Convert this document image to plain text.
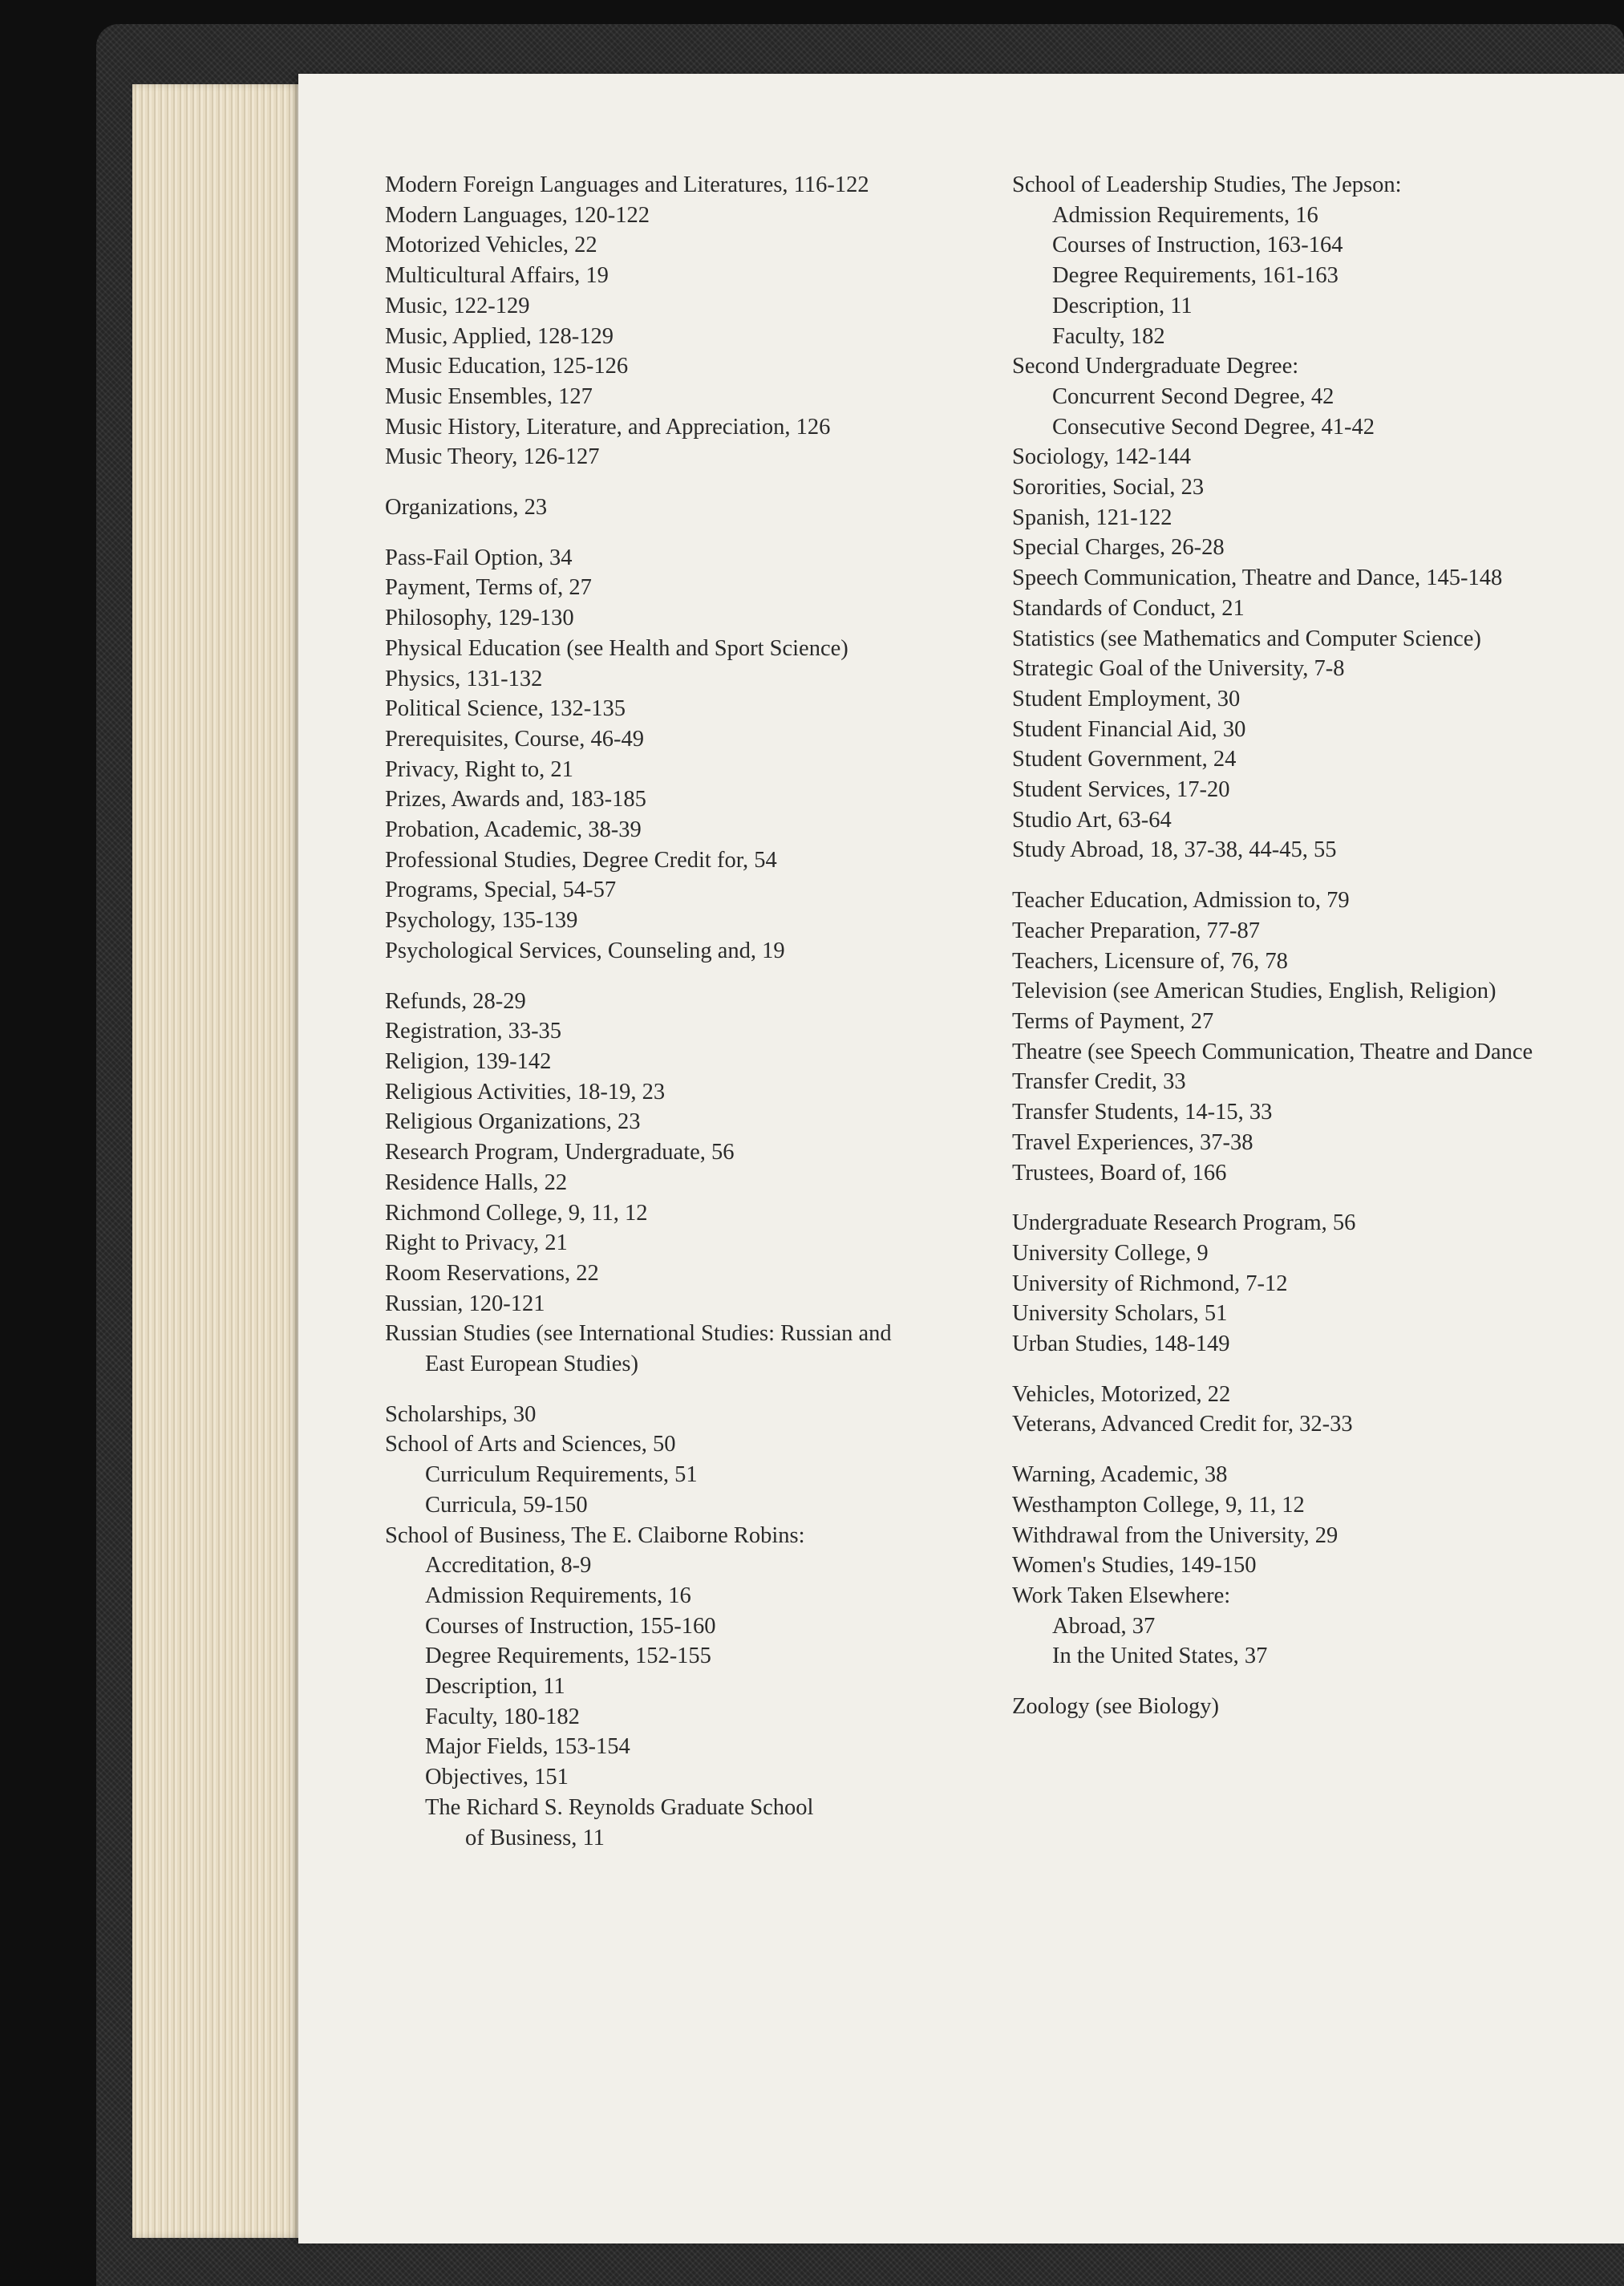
Modern Foreign Languages and Literatures, 116-122
Modern Languages, 120-122
Motorized Vehicles, 22
Multicultural Affairs, 19
Music, 122-129
Music, Applied, 128-129
Music Education, 125-126
Music Ensembles, 127
Music History, Literature, and Appreciation, 126
Music Theory, 126-127
Organizations, 23
Pass-Fail Option, 34
Payment, Terms of, 27
Philosophy, 129-130
Physical Education (see Health and Sport Science)
Physics, 131-132
Political Science, 132-135
Prerequisites, Course, 46-49
Privacy, Right to, 21
Prizes, Awards and, 183-185
Probation, Academic, 38-39
Professional Studies, Degree Credit for, 54
Programs, Special, 54-57
Psychology, 135-139
Psychological Services, Counseling and, 19
Refunds, 28-29
Registration, 33-35
Religion, 139-142
Religious Activities, 18-19, 23
Religious Organizations, 23
Research Program, Undergraduate, 56
Residence Halls, 22
Richmond College, 9, 11, 12
Right to Privacy, 21
Room Reservations, 22
Russian, 120-121
Russian Studies (see International Studies: Russian and
East European Studies)
Scholarships, 30
School of Arts and Sciences, 50
Curriculum Requirements, 51
Curricula, 59-150
School of Business, The E. Claiborne Robins:
Accreditation, 8-9
Admission Requirements, 16
Courses of Instruction, 155-160
Degree Requirements, 152-155
Description, 11
Faculty, 180-182
Major Fields, 153-154
Objectives, 151
The Richard S. Reynolds Graduate School
of Business, 11
School of Leadership Studies, The Jepson:
Admission Requirements, 16
Courses of Instruction, 163-164
Degree Requirements, 161-163
Description, 11
Faculty, 182
Second Undergraduate Degree:
Concurrent Second Degree, 42
Consecutive Second Degree, 41-42
Sociology, 142-144
Sororities, Social, 23
Spanish, 121-122
Special Charges, 26-28
Speech Communication, Theatre and Dance, 145-148
Standards of Conduct, 21
Statistics (see Mathematics and Computer Science)
Strategic Goal of the University, 7-8
Student Employment, 30
Student Financial Aid, 30
Student Government, 24
Student Services, 17-20
Studio Art, 63-64
Study Abroad, 18, 37-38, 44-45, 55
Teacher Education, Admission to, 79
Teacher Preparation, 77-87
Teachers, Licensure of, 76, 78
Television (see American Studies, English, Religion)
Terms of Payment, 27
Theatre (see Speech Communication, Theatre and Dance
Transfer Credit, 33
Transfer Students, 14-15, 33
Travel Experiences, 37-38
Trustees, Board of, 166
Undergraduate Research Program, 56
University College, 9
University of Richmond, 7-12
University Scholars, 51
Urban Studies, 148-149
Vehicles, Motorized, 22
Veterans, Advanced Credit for, 32-33
Warning, Academic, 38
Westhampton College, 9, 11, 12
Withdrawal from the University, 29
Women's Studies, 149-150
Work Taken Elsewhere:
Abroad, 37
In the United States, 37
Zoology (see Biology)
